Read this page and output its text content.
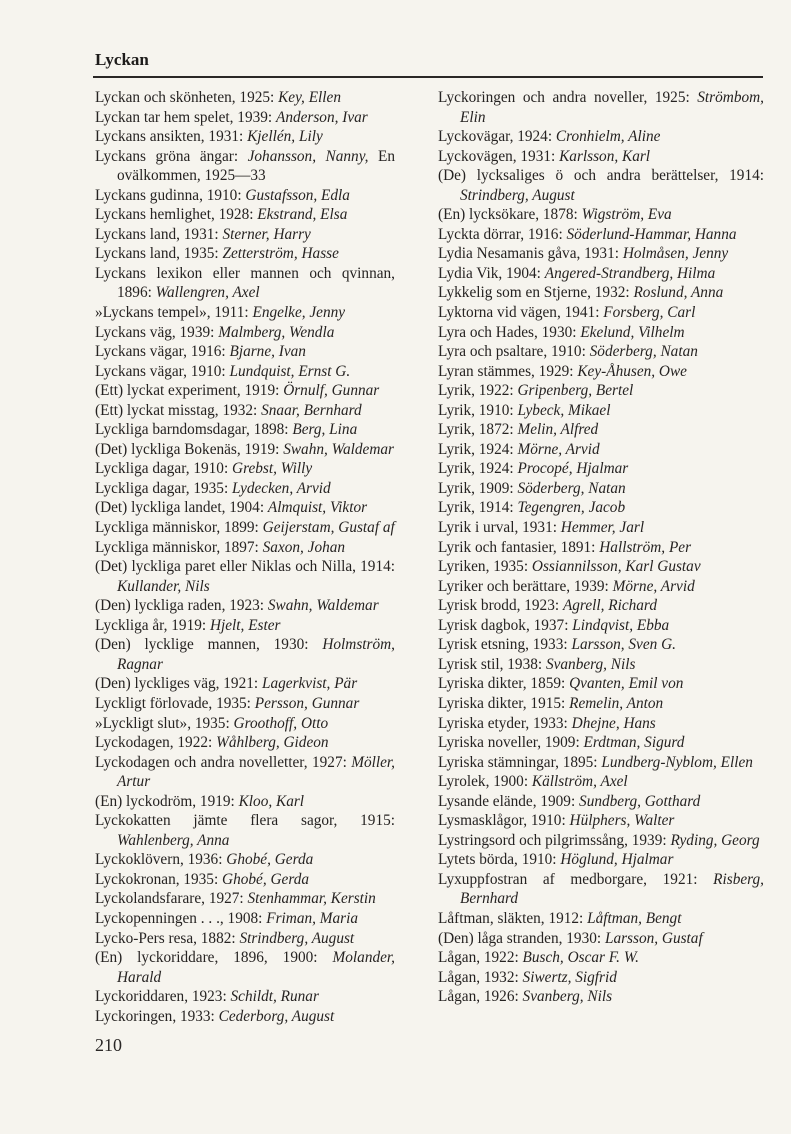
Lyckan
Lyckan och skönheten, 1925: Key, Ellen
Lyckan tar hem spelet, 1939: Anderson, Ivar
Lyckans ansikten, 1931: Kjellén, Lily
Lyckans gröna ängar: Johansson, Nanny, En ovälkommen, 1925—33
Lyckans gudinna, 1910: Gustafsson, Edla
Lyckans hemlighet, 1928: Ekstrand, Elsa
Lyckans land, 1931: Sterner, Harry
Lyckans land, 1935: Zetterström, Hasse
Lyckans lexikon eller mannen och qvinnan, 1896: Wallengren, Axel
»Lyckans tempel», 1911: Engelke, Jenny
Lyckans väg, 1939: Malmberg, Wendla
Lyckans vägar, 1916: Bjarne, Ivan
Lyckans vägar, 1910: Lundquist, Ernst G.
(Ett) lyckat experiment, 1919: Örnulf, Gunnar
(Ett) lyckat misstag, 1932: Snaar, Bernhard
Lyckliga barndomsdagar, 1898: Berg, Lina
(Det) lyckliga Bokenäs, 1919: Swahn, Waldemar
Lyckliga dagar, 1910: Grebst, Willy
Lyckliga dagar, 1935: Lydecken, Arvid
(Det) lyckliga landet, 1904: Almquist, Viktor
Lyckliga människor, 1899: Geijerstam, Gustaf af
Lyckliga människor, 1897: Saxon, Johan
(Det) lyckliga paret eller Niklas och Nilla, 1914: Kullander, Nils
(Den) lyckliga raden, 1923: Swahn, Waldemar
Lyckliga år, 1919: Hjelt, Ester
(Den) lycklige mannen, 1930: Holmström, Ragnar
(Den) lyckliges väg, 1921: Lagerkvist, Pär
Lyckligt förlovade, 1935: Persson, Gunnar
»Lyckligt slut», 1935: Groothoff, Otto
Lyckodagen, 1922: Wåhlberg, Gideon
Lyckodagen och andra novelletter, 1927: Möller, Artur
(En) lyckodröm, 1919: Kloo, Karl
Lyckokatten jämte flera sagor, 1915: Wahlenberg, Anna
Lyckoklövern, 1936: Ghobé, Gerda
Lyckokronan, 1935: Ghobé, Gerda
Lyckolandsfarare, 1927: Stenhammar, Kerstin
Lyckopenningen . . ., 1908: Friman, Maria
Lycko-Pers resa, 1882: Strindberg, August
(En) lyckoriddare, 1896, 1900: Molander, Harald
Lyckoriddaren, 1923: Schildt, Runar
Lyckoringen, 1933: Cederborg, August
Lyckoringen och andra noveller, 1925: Strömbom, Elin
Lyckovägar, 1924: Cronhielm, Aline
Lyckovägen, 1931: Karlsson, Karl
(De) lycksaliges ö och andra berättelser, 1914: Strindberg, August
(En) lycksökare, 1878: Wigström, Eva
Lyckta dörrar, 1916: Söderlund-Hammar, Hanna
Lydia Nesamanis gåva, 1931: Holmåsen, Jenny
Lydia Vik, 1904: Angered-Strandberg, Hilma
Lykkelig som en Stjerne, 1932: Roslund, Anna
Lyktorna vid vägen, 1941: Forsberg, Carl
Lyra och Hades, 1930: Ekelund, Vilhelm
Lyra och psaltare, 1910: Söderberg, Natan
Lyran stämmes, 1929: Key-Åhusen, Owe
Lyrik, 1922: Gripenberg, Bertel
Lyrik, 1910: Lybeck, Mikael
Lyrik, 1872: Melin, Alfred
Lyrik, 1924: Mörne, Arvid
Lyrik, 1924: Procopé, Hjalmar
Lyrik, 1909: Söderberg, Natan
Lyrik, 1914: Tegengren, Jacob
Lyrik i urval, 1931: Hemmer, Jarl
Lyrik och fantasier, 1891: Hallström, Per
Lyriken, 1935: Ossiannilsson, Karl Gustav
Lyriker och berättare, 1939: Mörne, Arvid
Lyrisk brodd, 1923: Agrell, Richard
Lyrisk dagbok, 1937: Lindqvist, Ebba
Lyrisk etsning, 1933: Larsson, Sven G.
Lyrisk stil, 1938: Svanberg, Nils
Lyriska dikter, 1859: Qvanten, Emil von
Lyriska dikter, 1915: Remelin, Anton
Lyriska etyder, 1933: Dhejne, Hans
Lyriska noveller, 1909: Erdtman, Sigurd
Lyriska stämningar, 1895: Lundberg-Nyblom, Ellen
Lyrolek, 1900: Källström, Axel
Lysande elände, 1909: Sundberg, Gotthard
Lysmasklågor, 1910: Hülphers, Walter
Lystringsord och pilgrimssång, 1939: Ryding, Georg
Lytets börda, 1910: Höglund, Hjalmar
Lyxuppfostran af medborgare, 1921: Risberg, Bernhard
Låftman, släkten, 1912: Låftman, Bengt
(Den) låga stranden, 1930: Larsson, Gustaf
Lågan, 1922: Busch, Oscar F. W.
Lågan, 1932: Siwertz, Sigfrid
Lågan, 1926: Svanberg, Nils
210
